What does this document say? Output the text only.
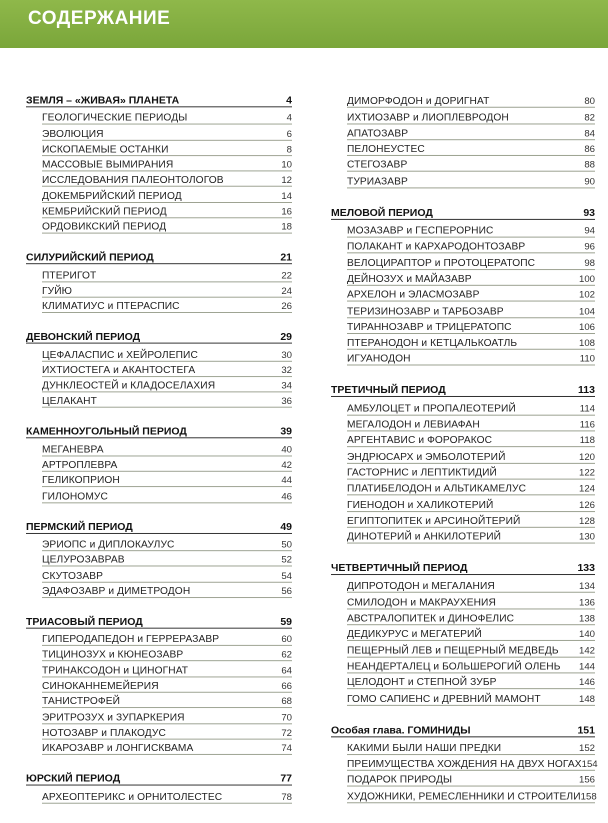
СОДЕРЖАНИЕ
ЗЕМЛЯ – «ЖИВАЯ» ПЛАНЕТА	4
ГЕОЛОГИЧЕСКИЕ ПЕРИОДЫ	4
ЭВОЛЮЦИЯ	6
ИСКОПАЕМЫЕ ОСТАНКИ	8
МАССОВЫЕ ВЫМИРАНИЯ	10
ИССЛЕДОВАНИЯ ПАЛЕОНТОЛОГОВ	12
ДОКЕМБРИЙСКИЙ ПЕРИОД	14
КЕМБРИЙСКИЙ ПЕРИОД	16
ОРДОВИКСКИЙ ПЕРИОД	18
СИЛУРИЙСКИЙ ПЕРИОД	21
ПТЕРИГОТ	22
ГУЙЮ	24
КЛИМАТИУС и ПТЕРАСПИС	26
ДЕВОНСКИЙ ПЕРИОД	29
ЦЕФАЛАСПИС и ХЕЙРОЛЕПИС	30
ИХТИОСТЕГА и АКАНТОСТЕГА	32
ДУНКЛЕОСТЕЙ и КЛАДОСЕЛАХИЯ	34
ЦЕЛАКАНТ	36
КАМЕННОУГОЛЬНЫЙ ПЕРИОД	39
МЕГАНЕВРА	40
АРТРОПЛЕВРА	42
ГЕЛИКОПРИОН	44
ГИЛОНОМУС	46
ПЕРМСКИЙ ПЕРИОД	49
ЭРИОПС и ДИПЛОКАУЛУС	50
ЦЕЛУРОЗАВРАВ	52
СКУТОЗАВР	54
ЭДАФОЗАВР и ДИМЕТРОДОН	56
ТРИАСОВЫЙ ПЕРИОД	59
ГИПЕРОДАПЕДОН и ГЕРРЕРАЗАВР	60
ТИЦИНОЗУХ и КЮНЕОЗАВР	62
ТРИНАКСОДОН и ЦИНОГНАТ	64
СИНОКАННЕМЕЙЕРИЯ	66
ТАНИСТРОФЕЙ	68
ЭРИТРОЗУХ и ЗУПАРКЕРИЯ	70
НОТОЗАВР и ПЛАКОДУС	72
ИКАРОЗАВР и ЛОНГИСКВАМА	74
ЮРСКИЙ ПЕРИОД	77
АРХЕОПТЕРИКС и ОРНИТОЛЕСТЕС	78
ДИМОРФОДОН и ДОРИГНАТ	80
ИХТИОЗАВР и ЛИОПЛЕВРОДОН	82
АПАТОЗАВР	84
ПЕЛОНЕУСТЕС	86
СТЕГОЗАВР	88
ТУРИАЗАВР	90
МЕЛОВОЙ ПЕРИОД	93
МОЗАЗАВР и ГЕСПЕРОРНИС	94
ПОЛАКАНТ и КАРХАРОДОНТОЗАВР	96
ВЕЛОЦИРАПТОР и ПРОТОЦЕРАТОПС	98
ДЕЙНОЗУХ и МАЙАЗАВР	100
АРХЕЛОН и ЭЛАСМОЗАВР	102
ТЕРИЗИНОЗАВР и ТАРБОЗАВР	104
ТИРАННОЗАВР и ТРИЦЕРАТОПС	106
ПТЕРАНОДОН и КЕТЦАЛЬКОАТЛЬ	108
ИГУАНОДОН	110
ТРЕТИЧНЫЙ ПЕРИОД	113
АМБУЛОЦЕТ и ПРОПАЛЕОТЕРИЙ	114
МЕГАЛОДОН и ЛЕВИАФАН	116
АРГЕНТАВИС и ФОРОРАКОС	118
ЭНДРЮСАРХ и ЭМБОЛОТЕРИЙ	120
ГАСТОРНИС и ЛЕПТИКТИДИЙ	122
ПЛАТИБЕЛОДОН и АЛЬТИКАМЕЛУС	124
ГИЕНОДОН и ХАЛИКОТЕРИЙ	126
ЕГИПТОПИТЕК и АРСИНОЙТЕРИЙ	128
ДИНОТЕРИЙ и АНКИЛОТЕРИЙ	130
ЧЕТВЕРТИЧНЫЙ ПЕРИОД	133
ДИПРОТОДОН и МЕГАЛАНИЯ	134
СМИЛОДОН и МАКРАУХЕНИЯ	136
АВСТРАЛОПИТЕК и ДИНОФЕЛИС	138
ДЕДИКУРУС и МЕГАТЕРИЙ	140
ПЕЩЕРНЫЙ ЛЕВ и ПЕЩЕРНЫЙ МЕДВЕДЬ 142
НЕАНДЕРТАЛЕЦ и БОЛЬШЕРОГИЙ ОЛЕНЬ 144
ЦЕЛОДОНТ и СТЕПНОЙ ЗУБР	146
ГОМО САПИЕНС и ДРЕВНИЙ МАМОНТ	148
Особая глава. ГОМИНИДЫ	151
КАКИМИ БЫЛИ НАШИ ПРЕДКИ	152
ПРЕИМУЩЕСТВА ХОЖДЕНИЯ НА ДВУХ НОГАХ 154
ПОДАРОК ПРИРОДЫ	156
ХУДОЖНИКИ, РЕМЕСЛЕННИКИ И СТРОИТЕЛИ 158
